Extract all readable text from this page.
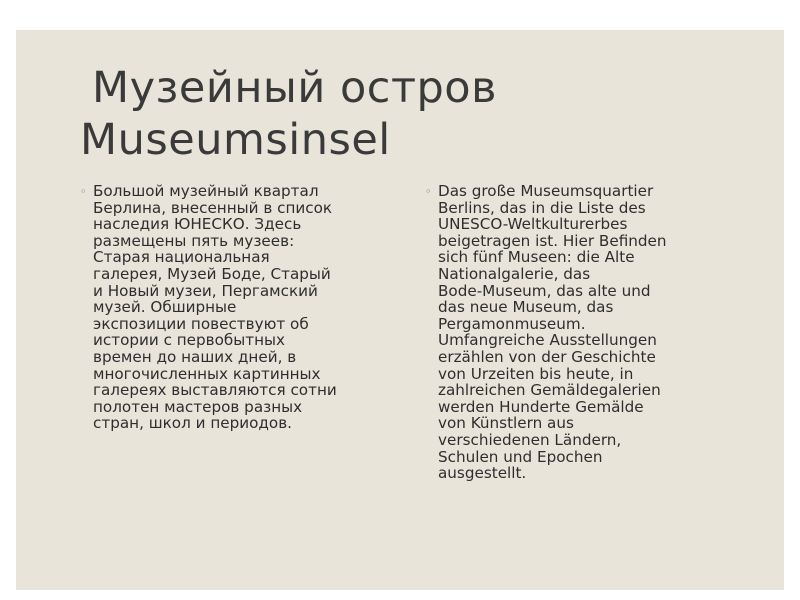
Музейный остров
Museumsinsel
◦ Большой музейный квартал
Берлина, внесенный в список
наследия ЮНЕСКО. Здесь
размещены пять музеев:
Старая национальная
галерея, Музей Боде, Старый
и Новый музеи, Пергамский
музей. Обширные
экспозиции повествуют об
истории с первобытных
времен до наших дней, в
многочисленных картинных
галереях выставляются сотни
полотен мастеров разных
стран, школ и периодов.
◦ Das große Museumsquartier
Berlins, das in die Liste des
UNESCO-Weltkulturerbes
beigetragen ist. Hier Befinden
sich fünf Museen: die Alte
Nationalgalerie, das
Bode-Museum, das alte und
das neue Museum, das
Pergamonmuseum.
Umfangreiche Ausstellungen
erzählen von der Geschichte
von Urzeiten bis heute, in
zahlreichen Gemäldegalerien
werden Hunderte Gemälde
von Künstlern aus
verschiedenen Ländern,
Schulen und Epochen
ausgestellt.
